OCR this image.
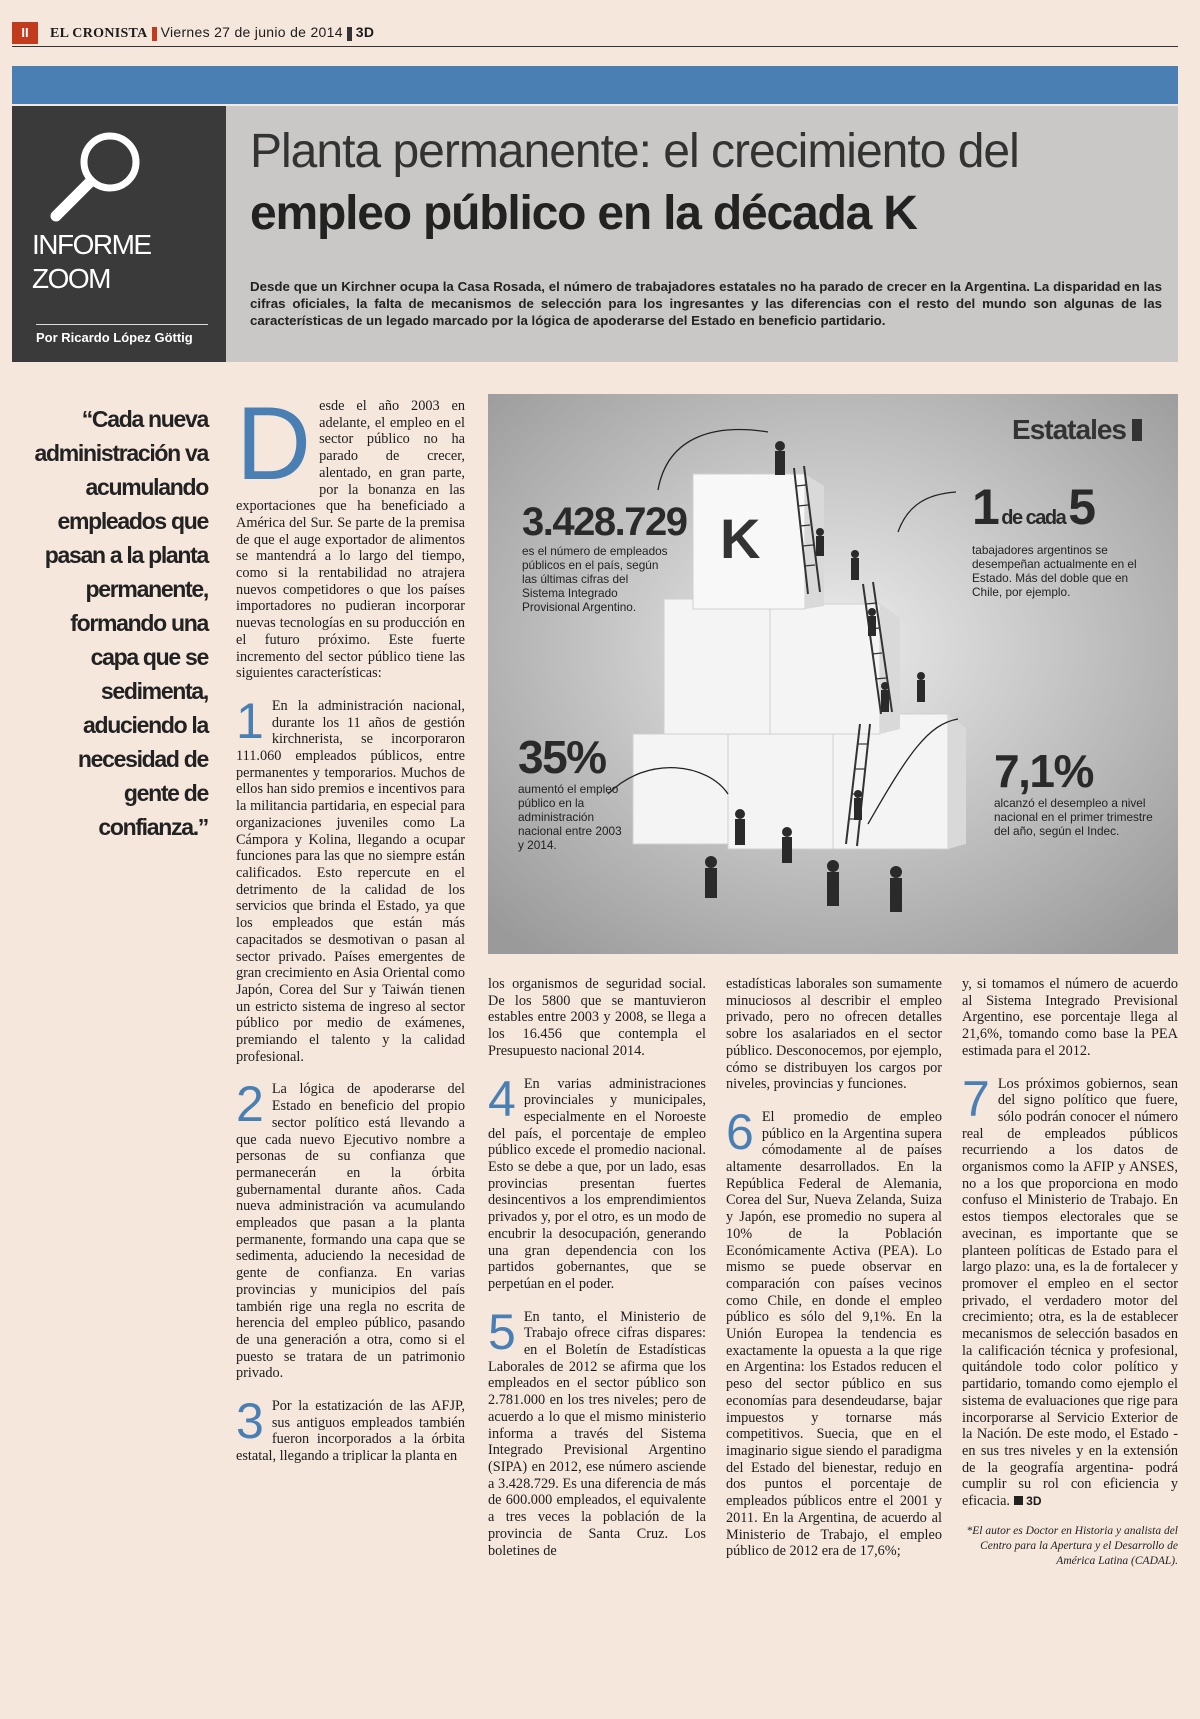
II	EL CRONISTA Viernes 27 de junio de 2014 3D
INFORME
ZOOM
Por Ricardo López Göttig
Planta permanente: el crecimiento del
empleo público en la década K
Desde que un Kirchner ocupa la Casa Rosada, el número de trabajadores estatales no ha parado de crecer en la Argentina. La disparidad en las cifras oficiales, la falta de mecanismos de selección para los ingresantes y las diferencias con el resto del mundo son algunas de las características de un legado marcado por la lógica de apoderarse del Estado en beneficio partidario.
“Cada nueva administración va acumulando empleados que pasan a la planta permanente, formando una capa que se sedimenta, aduciendo la necesidad de gente de confianza.”

Desde el año 2003 en adelante, el empleo en el sector público no ha parado de crecer, alentado, en gran parte, por la bonanza en las exportaciones que ha beneficiado a América del Sur. Se parte de la premisa de que el auge exportador de alimentos se mantendrá a lo largo del tiempo, como si la rentabilidad no atrajera nuevos competidores o que los países importadores no pudieran incorporar nuevas tecnologías en su producción en el futuro próximo. Este fuerte incremento del sector público tiene las siguientes características:

1 En la administración nacional, durante los 11 años de gestión kirchnerista, se incorporaron 111.060 empleados públicos, entre permanentes y temporarios. Muchos de ellos han sido premios e incentivos para la militancia partidaria, en especial para organizaciones juveniles como La Cámpora y Kolina, llegando a ocupar funciones para las que no siempre están calificados. Esto repercute en el detrimento de la calidad de los servicios que brinda el Estado, ya que los empleados que están más capacitados se desmotivan o pasan al sector privado. Países emergentes de gran crecimiento en Asia Oriental como Japón, Corea del Sur y Taiwán tienen un estricto sistema de ingreso al sector público por medio de exámenes, premiando el talento y la calidad profesional.

2 La lógica de apoderarse del Estado en beneficio del propio sector político está llevando a que cada nuevo Ejecutivo nombre a personas de su confianza que permanecerán en la órbita gubernamental durante años. Cada nueva administración va acumulando empleados que pasan a la planta permanente, formando una capa que se sedimenta, aduciendo la necesidad de gente de confianza. En varias provincias y municipios del país también rige una regla no escrita de herencia del empleo público, pasando de una generación a otra, como si el puesto se tratara de un patrimonio privado.

3 Por la estatización de las AFJP, sus antiguos empleados también fueron incorporados a la órbita estatal, llegando a triplicar la planta en

Estatales
K
3.428.729
es el número de empleados públicos en el país, según las últimas cifras del Sistema Integrado Provisional Argentino.
1 de cada 5
tabajadores argentinos se desempeñan actualmente en el Estado. Más del doble que en Chile, por ejemplo.
35%
aumentó el empleo público en la administración nacional entre 2003 y 2014.
7,1%
alcanzó el desempleo a nivel nacional en el primer trimestre del año, según el Indec.

los organismos de seguridad social. De los 5800 que se mantuvieron estables entre 2003 y 2008, se llega a los 16.456 que contempla el Presupuesto nacional 2014.

4 En varias administraciones provinciales y municipales, especialmente en el Noroeste del país, el porcentaje de empleo público excede el promedio nacional. Esto se debe a que, por un lado, esas provincias presentan fuertes desincentivos a los emprendimientos privados y, por el otro, es un modo de encubrir la desocupación, generando una gran dependencia con los partidos gobernantes, que se perpetúan en el poder.

5 En tanto, el Ministerio de Trabajo ofrece cifras dispares: en el Boletín de Estadísticas Laborales de 2012 se afirma que los empleados en el sector público son 2.781.000 en los tres niveles; pero de acuerdo a lo que el mismo ministerio informa a través del Sistema Integrado Previsional Argentino (SIPA) en 2012, ese número asciende a 3.428.729. Es una diferencia de más de 600.000 empleados, el equivalente a tres veces la población de la provincia de Santa Cruz. Los boletines de

estadísticas laborales son sumamente minuciosos al describir el empleo privado, pero no ofrecen detalles sobre los asalariados en el sector público. Desconocemos, por ejemplo, cómo se distribuyen los cargos por niveles, provincias y funciones.

6 El promedio de empleo público en la Argentina supera cómodamente al de países altamente desarrollados. En la República Federal de Alemania, Corea del Sur, Nueva Zelanda, Suiza y Japón, ese promedio no supera al 10% de la Población Económicamente Activa (PEA). Lo mismo se puede observar en comparación con países vecinos como Chile, en donde el empleo público es sólo del 9,1%. En la Unión Europea la tendencia es exactamente la opuesta a la que rige en Argentina: los Estados reducen el peso del sector público en sus economías para desendeudarse, bajar impuestos y tornarse más competitivos. Suecia, que en el imaginario sigue siendo el paradigma del Estado del bienestar, redujo en dos puntos el porcentaje de empleados públicos entre el 2001 y 2011. En la Argentina, de acuerdo al Ministerio de Trabajo, el empleo público de 2012 era de 17,6%;

y, si tomamos el número de acuerdo al Sistema Integrado Previsional Argentino, ese porcentaje llega al 21,6%, tomando como base la PEA estimada para el 2012.

7 Los próximos gobiernos, sean del signo político que fuere, sólo podrán conocer el número real de empleados públicos recurriendo a los datos de organismos como la AFIP y ANSES, no a los que proporciona en modo confuso el Ministerio de Trabajo. En estos tiempos electorales que se avecinan, es importante que se planteen políticas de Estado para el largo plazo: una, es la de fortalecer y promover el empleo en el sector privado, el verdadero motor del crecimiento; otra, es la de establecer mecanismos de selección basados en la calificación técnica y profesional, quitándole todo color político y partidario, tomando como ejemplo el sistema de evaluaciones que rige para incorporarse al Servicio Exterior de la Nación. De este modo, el Estado -en sus tres niveles y en la extensión de la geografía argentina- podrá cumplir su rol con eficiencia y eficacia. 3D

*El autor es Doctor en Historia y analista del Centro para la Apertura y el Desarrollo de América Latina (CADAL).
